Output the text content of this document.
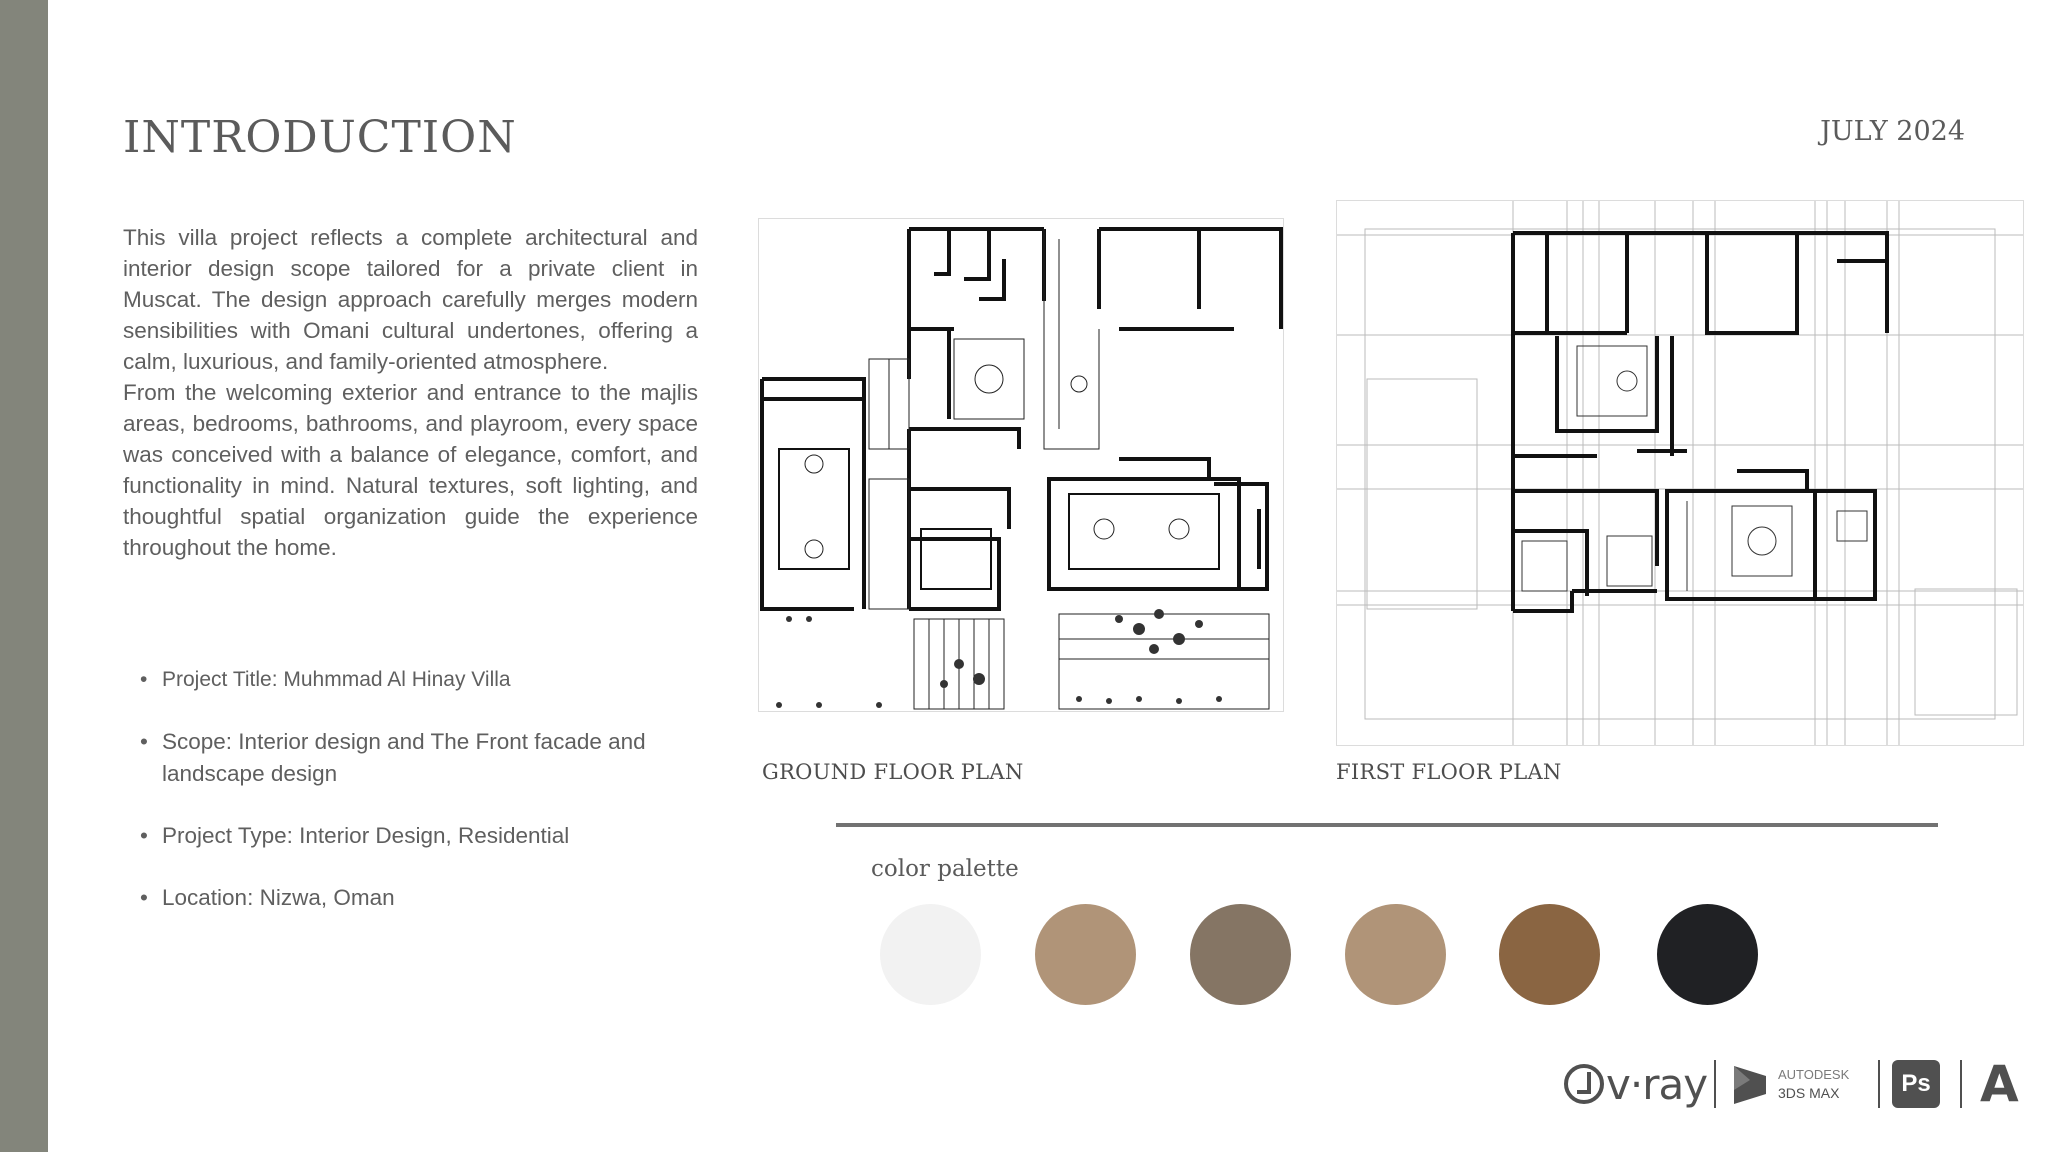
INTRODUCTION	JULY 2024

This villa project reflects a complete architectural and interior design scope tailored for a private client in Muscat. The design approach carefully merges modern sensibilities with Omani cultural undertones, offering a calm, luxurious, and family-oriented atmosphere.

From the welcoming exterior and entrance to the majlis areas, bedrooms, bathrooms, and playroom, every space was conceived with a balance of elegance, comfort, and functionality in mind. Natural textures, soft lighting, and thoughtful spatial organization guide the experience throughout the home.

• Project Title: Muhmmad Al Hinay Villa
• Scope: Interior design and The Front facade and landscape design
• Project Type: Interior Design, Residential
• Location: Nizwa, Oman
GROUND FLOOR PLAN	FIRST FLOOR PLAN
color palette
v·ray	AUTODESK
3DS MAX	Ps A
